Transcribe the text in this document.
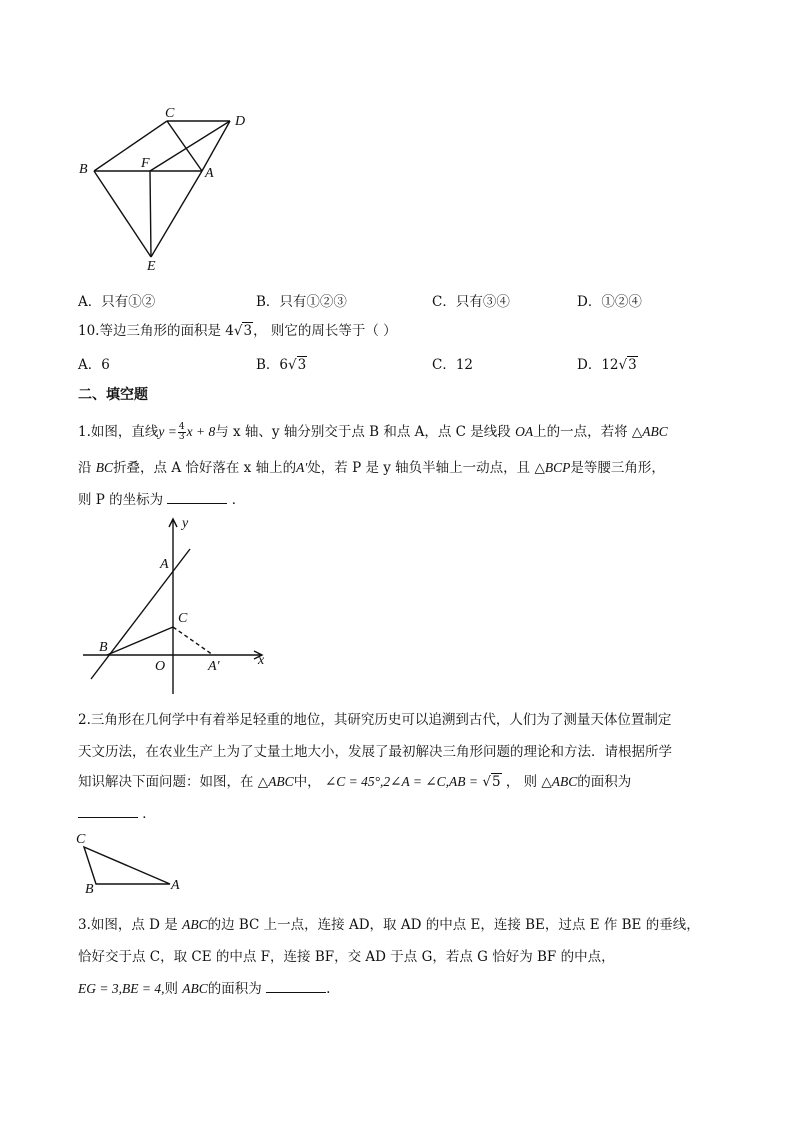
C
D
B	F
A
E
A．只有①②	B．只有①②③	C．只有③④	D．①②④
10.等边三角形的面积是 4√3， 则它的周长等于（ ）
A．6	B．6√3	C．12	D．12√3
二、填空题
1.如图，直线$y = \frac{4}{3}$ x + 8与 x 轴、y 轴分别交于点 B 和点 A，点 C 是线段 OA上的一点，若将 △ABC
沿 BC折叠，点 A 恰好落在 x 轴上的A′处，若 P 是 y 轴负半轴上一动点，且 △BCP是等腰三角形，
则 P 的坐标为	．
y
A
C
B
O	A′	x
2.三角形在几何学中有着举足轻重的地位，其研究历史可以追溯到古代，人们为了测量天体位置制定
天文历法，在农业生产上为了丈量土地大小，发展了最初解决三角形问题的理论和方法．请根据所学
知识解决下面问题：如图，在 △ABC中， ∠C = 45°,2∠A = ∠C,AB = √5 ， 则 △ABC的面积为
．
C
B	A
3.如图，点 D 是 ABC的边 BC 上一点，连接 AD，取 AD 的中点 E，连接 BE，过点 E 作 BE 的垂线，
恰好交于点 C，取 CE 的中点 F，连接 BF，交 AD 于点 G，若点 G 恰好为 BF 的中点，
EG = 3,BE = 4,则 ABC的面积为	.
